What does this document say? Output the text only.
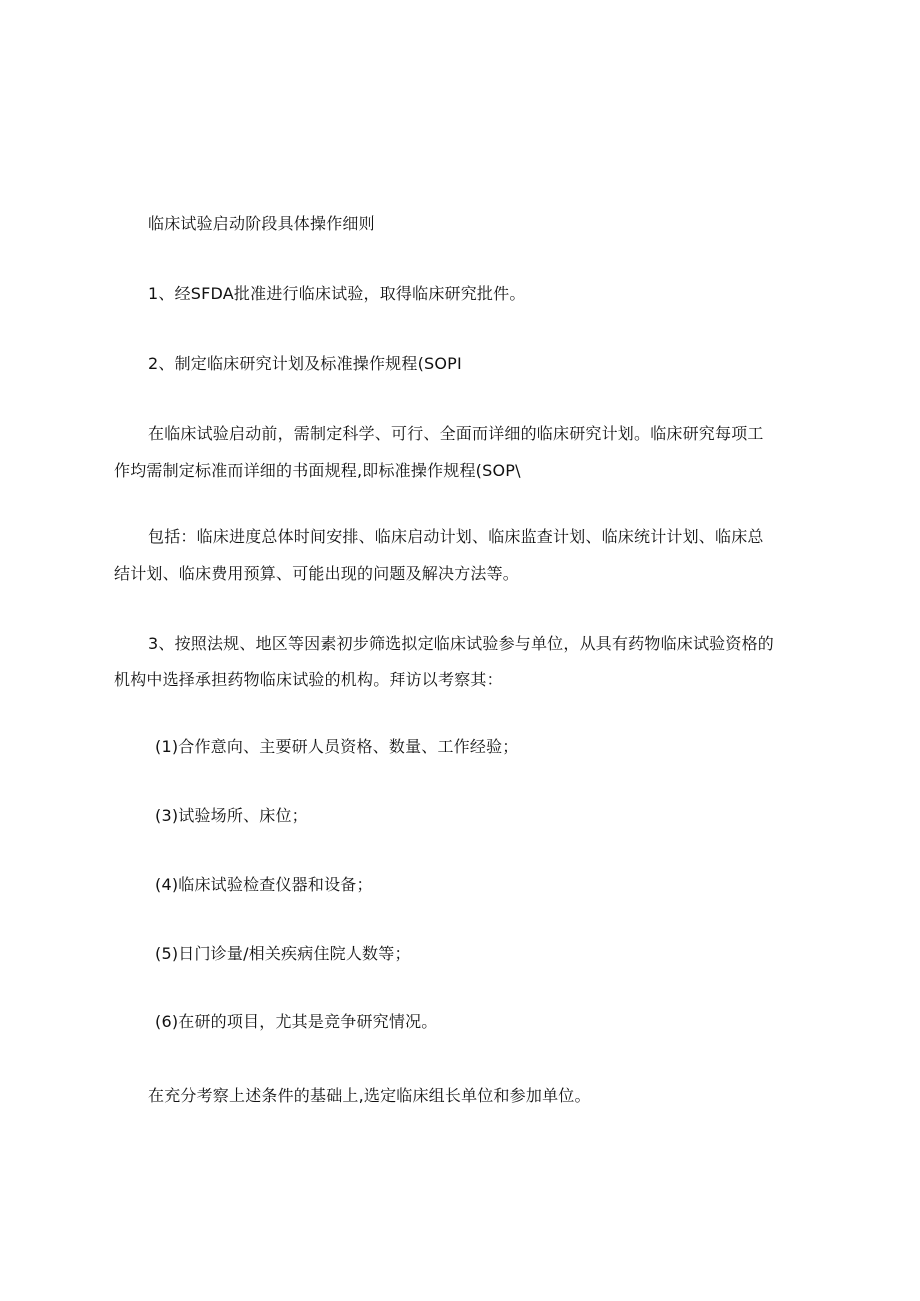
临床试验启动阶段具体操作细则
1、经SFDA批准进行临床试验，取得临床研究批件。
2、制定临床研究计划及标准操作规程(SOPI
在临床试验启动前，需制定科学、可行、全面而详细的临床研究计划。临床研究每项工
作均需制定标准而详细的书面规程,即标准操作规程(SOP\
包括：临床进度总体时间安排、临床启动计划、临床监查计划、临床统计计划、临床总
结计划、临床费用预算、可能出现的问题及解决方法等。
3、按照法规、地区等因素初步筛选拟定临床试验参与单位，从具有药物临床试验资格的
机构中选择承担药物临床试验的机构。拜访以考察其：
(1)合作意向、主要研人员资格、数量、工作经验；
(3)试验场所、床位；
(4)临床试验检查仪器和设备；
(5)日门诊量/相关疾病住院人数等；
(6)在研的项目，尤其是竞争研究情况。
在充分考察上述条件的基础上,选定临床组长单位和参加单位。
